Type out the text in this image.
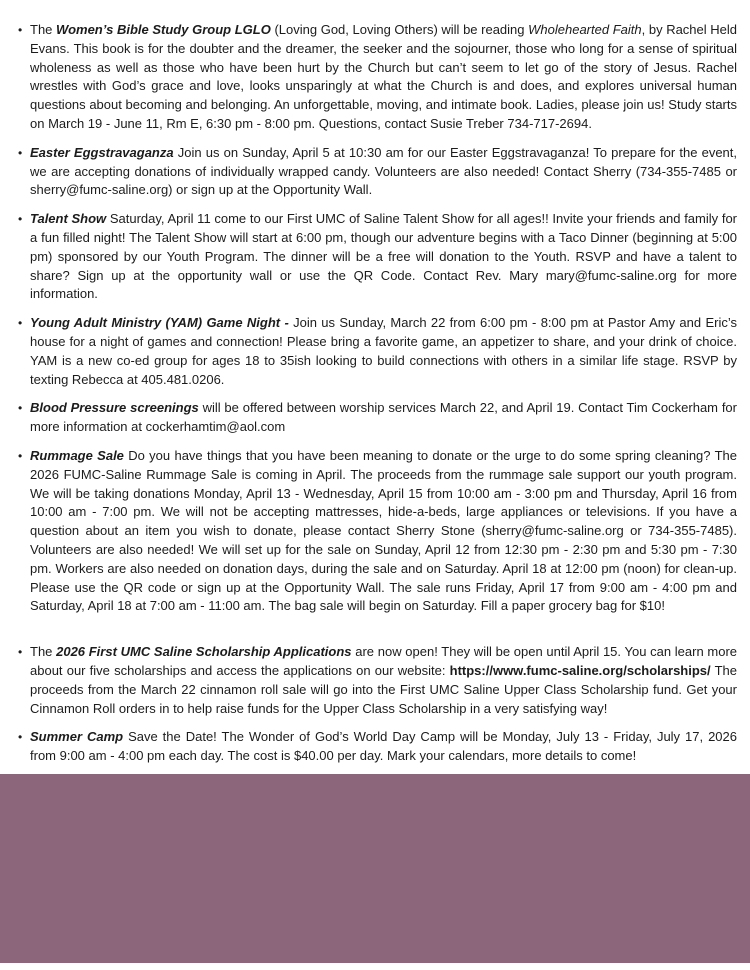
• The Women’s Bible Study Group LGLO (Loving God, Loving Others) will be reading Wholehearted Faith, by Rachel Held Evans. This book is for the doubter and the dreamer, the seeker and the sojourner, those who long for a sense of spiritual wholeness as well as those who have been hurt by the Church but can’t seem to let go of the story of Jesus. Rachel wrestles with God’s grace and love, looks unsparingly at what the Church is and does, and explores universal human questions about becoming and belonging. An unforgettable, moving, and intimate book. Ladies, please join us! Study starts on March 19 - June 11, Rm E, 6:30 pm - 8:00 pm. Questions, contact Susie Treber 734-717-2694.
• Easter Eggstravaganza Join us on Sunday, April 5 at 10:30 am for our Easter Eggstravaganza! To prepare for the event, we are accepting donations of individually wrapped candy. Volunteers are also needed! Contact Sherry (734-355-7485 or sherry@fumc-saline.org) or sign up at the Opportunity Wall.
• Talent Show Saturday, April 11 come to our First UMC of Saline Talent Show for all ages!! Invite your friends and family for a fun filled night! The Talent Show will start at 6:00 pm, though our adventure begins with a Taco Dinner (beginning at 5:00 pm) sponsored by our Youth Program. The dinner will be a free will donation to the Youth. RSVP and have a talent to share? Sign up at the opportunity wall or use the QR Code. Contact Rev. Mary mary@fumc-saline.org for more information.
• Young Adult Ministry (YAM) Game Night - Join us Sunday, March 22 from 6:00 pm - 8:00 pm at Pastor Amy and Eric’s house for a night of games and connection! Please bring a favorite game, an appetizer to share, and your drink of choice. YAM is a new co-ed group for ages 18 to 35ish looking to build connections with others in a similar life stage. RSVP by texting Rebecca at 405.481.0206.
• Blood Pressure screenings will be offered between worship services March 22, and April 19. Contact Tim Cockerham for more information at cockerhamtim@aol.com
• Rummage Sale Do you have things that you have been meaning to donate or the urge to do some spring cleaning? The 2026 FUMC-Saline Rummage Sale is coming in April. The proceeds from the rummage sale support our youth program. We will be taking donations Monday, April 13 - Wednesday, April 15 from 10:00 am - 3:00 pm and Thursday, April 16 from 10:00 am - 7:00 pm. We will not be accepting mattresses, hide-a-beds, large appliances or televisions. If you have a question about an item you wish to donate, please contact Sherry Stone (sherry@fumc-saline.org or 734-355-7485). Volunteers are also needed! We will set up for the sale on Sunday, April 12 from 12:30 pm - 2:30 pm and 5:30 pm - 7:30 pm. Workers are also needed on donation days, during the sale and on Saturday. April 18 at 12:00 pm (noon) for clean-up. Please use the QR code or sign up at the Opportunity Wall. The sale runs Friday, April 17 from 9:00 am - 4:00 pm and Saturday, April 18 at 7:00 am - 11:00 am. The bag sale will begin on Saturday. Fill a paper grocery bag for $10!
• The 2026 First UMC Saline Scholarship Applications are now open! They will be open until April 15. You can learn more about our five scholarships and access the applications on our website: https://www.fumc-saline.org/scholarships/ The proceeds from the March 22 cinnamon roll sale will go into the First UMC Saline Upper Class Scholarship fund. Get your Cinnamon Roll orders in to help raise funds for the Upper Class Scholarship in a very satisfying way!
• Summer Camp Save the Date! The Wonder of God’s World Day Camp will be Monday, July 13 - Friday, July 17, 2026 from 9:00 am - 4:00 pm each day. The cost is $40.00 per day. Mark your calendars, more details to come!
